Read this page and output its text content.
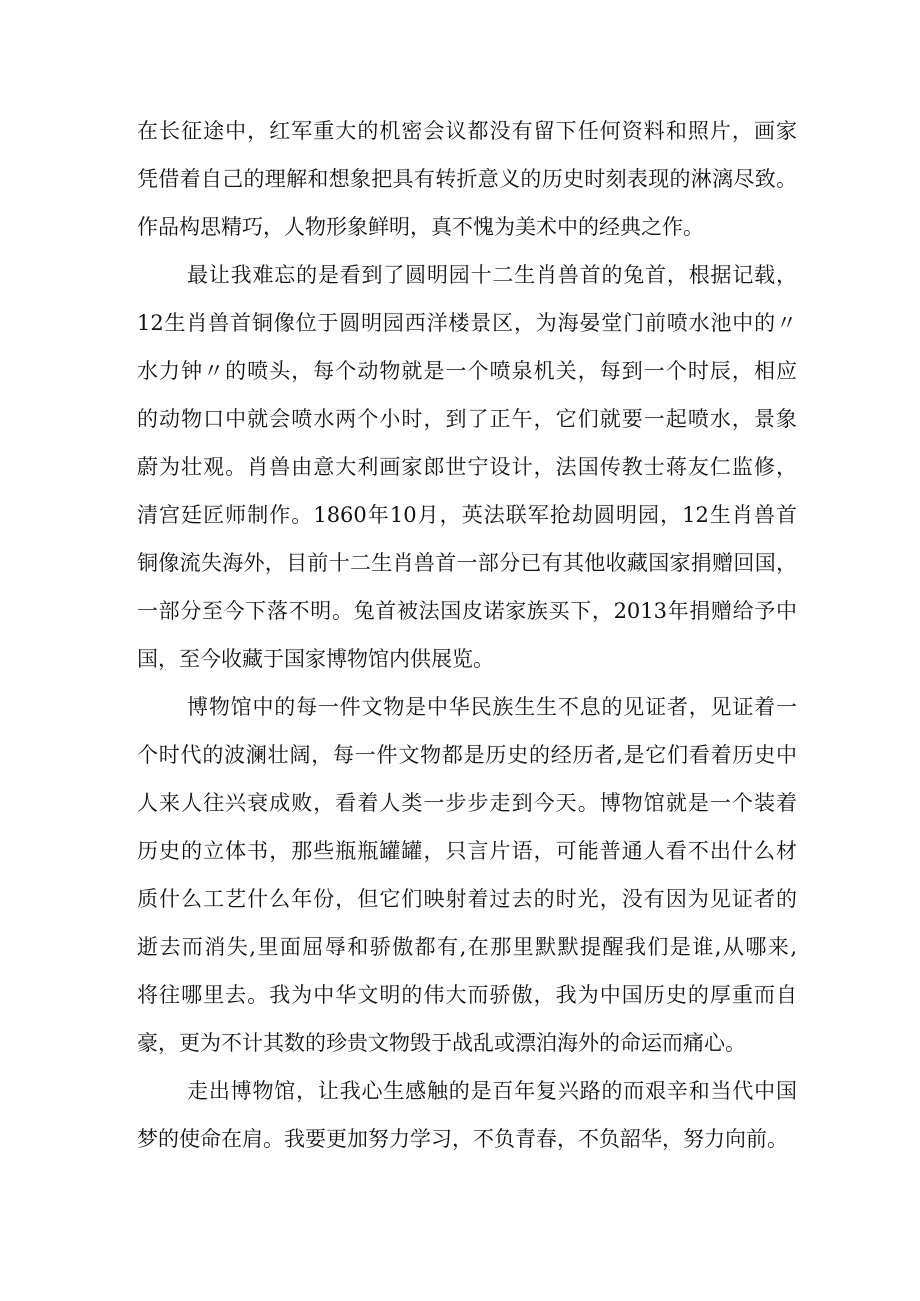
在长征途中，红军重大的机密会议都没有留下任何资料和照片，画家
凭借着自己的理解和想象把具有转折意义的历史时刻表现的淋漓尽致。
作品构思精巧，人物形象鲜明，真不愧为美术中的经典之作。
最让我难忘的是看到了圆明园十二生肖兽首的兔首，根据记载，
12生肖兽首铜像位于圆明园西洋楼景区，为海晏堂门前喷水池中的〃
水力钟〃的喷头，每个动物就是一个喷泉机关，每到一个时辰，相应
的动物口中就会喷水两个小时，到了正午，它们就要一起喷水，景象
蔚为壮观。肖兽由意大利画家郎世宁设计，法国传教士蒋友仁监修，
清宫廷匠师制作。1860年10月，英法联军抢劫圆明园，12生肖兽首
铜像流失海外，目前十二生肖兽首一部分已有其他收藏国家捐赠回国，
一部分至今下落不明。兔首被法国皮诺家族买下，2013年捐赠给予中
国，至今收藏于国家博物馆内供展览。
博物馆中的每一件文物是中华民族生生不息的见证者，见证着一
个时代的波澜壮阔，每一件文物都是历史的经历者,是它们看着历史中
人来人往兴衰成败，看着人类一步步走到今天。博物馆就是一个装着
历史的立体书，那些瓶瓶罐罐，只言片语，可能普通人看不出什么材
质什么工艺什么年份，但它们映射着过去的时光，没有因为见证者的
逝去而消失,里面屈辱和骄傲都有,在那里默默提醒我们是谁,从哪来,
将往哪里去。我为中华文明的伟大而骄傲，我为中国历史的厚重而自
豪，更为不计其数的珍贵文物毁于战乱或漂泊海外的命运而痛心。
走出博物馆，让我心生感触的是百年复兴路的而艰辛和当代中国
梦的使命在肩。我要更加努力学习，不负青春，不负韶华，努力向前。
